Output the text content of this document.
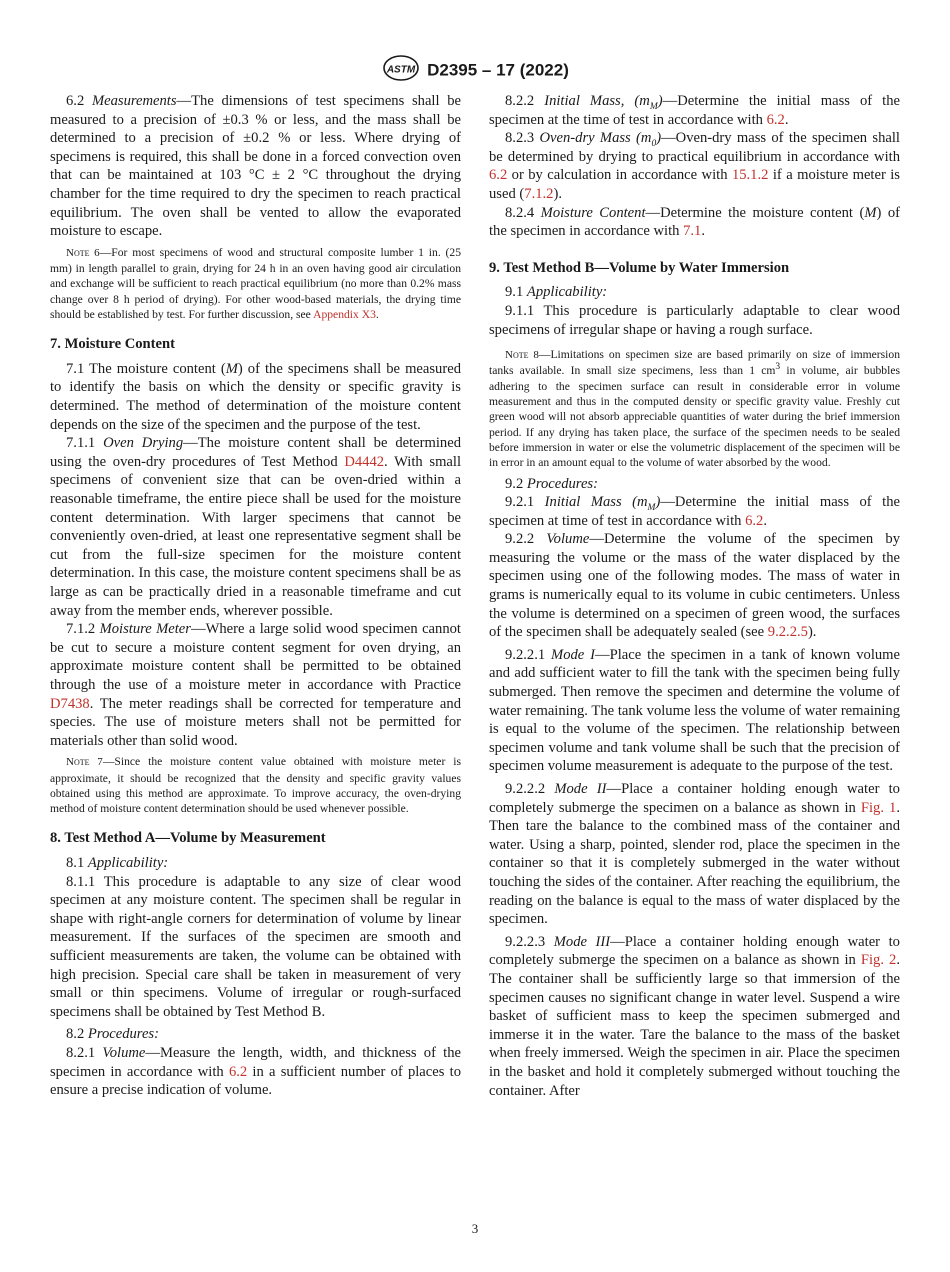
ASTM D2395 – 17 (2022)

6.2 Measurements—The dimensions of test specimens shall be measured to a precision of ±0.3 % or less, and the mass shall be determined to a precision of ±0.2 % or less. Where drying of specimens is required, this shall be done in a forced convection oven that can be maintained at 103 °C ± 2 °C throughout the drying chamber for the time required to dry the specimen to reach practical equilibrium. The oven shall be vented to allow the evaporated moisture to escape.

Note 6—For most specimens of wood and structural composite lumber 1 in. (25 mm) in length parallel to grain, drying for 24 h in an oven having good air circulation and exchange will be sufficient to reach practical equilibrium (no more than 0.2% mass change over 8 h period of drying). For other wood-based materials, the drying time should be established by test. For further discussion, see Appendix X3.

7. Moisture Content

7.1 The moisture content (M) of the specimens shall be measured to identify the basis on which the density or specific gravity is determined. The method of determination of the moisture content depends on the size of the specimen and the purpose of the test.

7.1.1 Oven Drying—The moisture content shall be determined using the oven-dry procedures of Test Method D4442. With small specimens of convenient size that can be oven-dried within a reasonable timeframe, the entire piece shall be used for the moisture content determination. With larger specimens that cannot be conveniently oven-dried, at least one representative segment shall be cut from the full-size specimen for the moisture content determination. In this case, the moisture content specimens shall be as large as can be practically dried in a reasonable timeframe and cut away from the member ends, wherever possible.

7.1.2 Moisture Meter—Where a large solid wood specimen cannot be cut to secure a moisture content segment for oven drying, an approximate moisture content shall be permitted to be obtained through the use of a moisture meter in accordance with Practice D7438. The meter readings shall be corrected for temperature and species. The use of moisture meters shall not be permitted for materials other than solid wood.

Note 7—Since the moisture content value obtained with moisture meter is approximate, it should be recognized that the density and specific gravity values obtained using this method are approximate. To improve accuracy, the oven-drying method of moisture content determination should be used whenever possible.

8. Test Method A—Volume by Measurement

8.1 Applicability:

8.1.1 This procedure is adaptable to any size of clear wood specimen at any moisture content. The specimen shall be regular in shape with right-angle corners for determination of volume by linear measurement. If the surfaces of the specimen are smooth and sufficient measurements are taken, the volume can be obtained with high precision. Special care shall be taken in measurement of very small or thin specimens. Volume of irregular or rough-surfaced specimens shall be obtained by Test Method B.

8.2 Procedures:

8.2.1 Volume—Measure the length, width, and thickness of the specimen in accordance with 6.2 in a sufficient number of places to ensure a precise indication of volume.

8.2.2 Initial Mass, $(m_M)—Determine$ the initial mass of the specimen at the time of test in accordance with 6.2.

8.2.3 Oven-dry Mass $(m_0)—Oven$-dry mass of the specimen shall be determined by drying to practical equilibrium in accordance with 6.2 or by calculation in accordance with 15.1.2 if a moisture meter is used (7.1.2).

8.2.4 Moisture Content—Determine the moisture content (M) of the specimen in accordance with 7.1.

9. Test Method B—Volume by Water Immersion

9.1 Applicability:

9.1.1 This procedure is particularly adaptable to clear wood specimens of irregular shape or having a rough surface.

Note 8—Limitations on specimen size are based primarily on size of immersion tanks available. In small size specimens, less than 1 $cm^3$ in volume, air bubbles adhering to the specimen surface can result in considerable error in volume measurement and thus in the computed density or specific gravity value. Freshly cut green wood will not absorb appreciable quantities of water during the brief immersion period. If any drying has taken place, the surface of the specimen needs to be sealed before immersion in water or else the volumetric displacement of the specimen will be in error in an amount equal to the volume of water absorbed by the wood.

9.2 Procedures:

9.2.1 Initial Mass $(m_M)—Determine$ the initial mass of the specimen at time of test in accordance with 6.2.

9.2.2 Volume—Determine the volume of the specimen by measuring the volume or the mass of the water displaced by the specimen using one of the following modes. The mass of water in grams is numerically equal to its volume in cubic centimeters. Unless the volume is determined on a specimen of green wood, the surfaces of the specimen shall be adequately sealed (see 9.2.2.5).

9.2.2.1 Mode I—Place the specimen in a tank of known volume and add sufficient water to fill the tank with the specimen being fully submerged. Then remove the specimen and determine the volume of water remaining. The tank volume less the volume of water remaining is equal to the volume of the specimen. The relationship between specimen volume and tank volume shall be such that the precision of specimen volume measurement is adequate to the purpose of the test.

9.2.2.2 Mode II—Place a container holding enough water to completely submerge the specimen on a balance as shown in Fig. 1. Then tare the balance to the combined mass of the container and water. Using a sharp, pointed, slender rod, place the specimen in the container so that it is completely submerged in the water without touching the sides of the container. After reaching the equilibrium, the reading on the balance is equal to the mass of water displaced by the specimen.

9.2.2.3 Mode III—Place a container holding enough water to completely submerge the specimen on a balance as shown in Fig. 2. The container shall be sufficiently large so that immersion of the specimen causes no significant change in water level. Suspend a wire basket of sufficient mass to keep the specimen submerged and immerse it in the water. Tare the balance to the mass of the basket when freely immersed. Weigh the specimen in air. Place the specimen in the basket and hold it completely submerged without touching the container. After

3
